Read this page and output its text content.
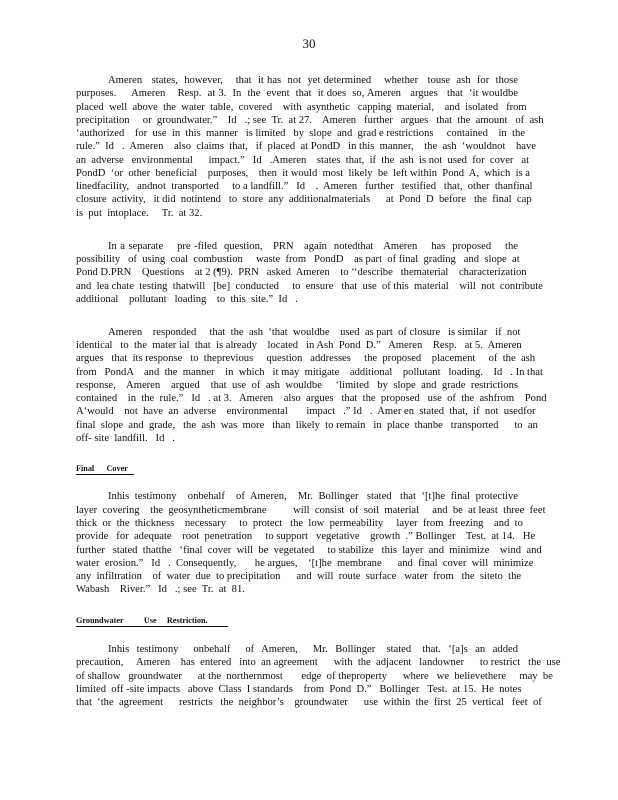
30
Ameren   states,  however,    that  it has  not  yet determined    whether   touse  ash  for  those
purposes.     Ameren    Resp.  at 3.  In  the  event  that  it does  so, Ameren   argues   that  ‘it wouldbe
placed  well  above  the  water  table,  covered    with  asynthetic   capping  material,    and  isolated   from
precipitation     or  groundwater.”    Id   .; see  Tr.  at 27.    Ameren   further   argues   that  the  amount   of  ash
‘authorized    for  use  in  this  manner   is limited   by  slope  and  grad e restrictions     contained    in  the
rule.”  Id   .  Ameren    also  claims  that,   if  placed  at PondD   in this  manner,    the  ash  ‘wouldnot    have
an  adverse   environmental      impact.”   Id   .Ameren    states  that,  if  the  ash  is not  used  for  cover   at
PondD  ‘or  other  beneficial    purposes,    then  it would  most  likely  be  left within  Pond  A,  which  is a
linedfacility,   andnot  transported     to a landfill.”   Id    .  Ameren   further   testified   that,  other  thanfinal
closure  activity,   it did  notintend   to  store  any  additionalmaterials      at  Pond  D  before   the  final  cap
is  put  intoplace.     Tr.  at 32.
In a separate    pre -filed  question,   PRN   again  notedthat   Ameren    has  proposed    the
possibility   of  using  coal  combustion     waste  from   PondD    as part  of final  grading   and  slope  at
Pond D.PRN    Questions    at 2 (¶9).  PRN   asked  Ameren    to ‘‘describe   thematerial    characterization
and  lea chate  testing  thatwill   [be]  conducted     to  ensure   that  use  of this  material    will  not  contribute
additional    pollutant   loading    to  this  site.”  Id   .
Ameren    responded     that  the  ash  ‘that  wouldbe    used  as part  of closure   is similar   if  not
identical   to  the  mater ial  that  is already    located   in Ash  Pond  D.”   Ameren    Resp.   at 5.  Ameren
argues   that  its response   to  theprevious     question   addresses     the  proposed    placement     of  the  ash
from   PondA    and  the  manner    in  which   it may  mitigate    additional    pollutant   loading.    Id   . In that
response,    Ameren    argued    that  use  of  ash  wouldbe     ‘limited   by  slope  and  grade  restrictions
contained    in  the  rule.”   Id   . at 3.   Ameren    also  argues   that  the  proposed   use  of  the  ashfrom    Pond
A‘would    not  have  an  adverse    environmental       impact   .” Id   .  Amer en  stated  that,  if  not  usedfor
final  slope  and  grade,   the  ash  was  more   than  likely  to remain   in  place  thanbe   transported      to  an
off- site  landfill.   Id   .
Final      Cover
Inhis  testimony    onbehalf    of  Ameren,    Mr.  Bollinger   stated   that  ‘[t]he  final  protective
layer  covering    the  geosyntheticmembrane          will  consist  of  soil  material     and  be  at least  three  feet
thick  or  the  thickness    necessary     to  protect   the  low  permeability     layer  from  freezing    and  to
provide   for  adequate    root  penetration     to support   vegetative    growth  .” Bollinger    Test.  at 14.   He
further   stated  thatthe   ‘final  cover  will  be  vegetated     to stabilize   this  layer  and  minimize    wind  and
water  erosion.”   Id   .  Consequently,       he argues,    ‘[t]he  membrane      and  final  cover  will  minimize
any  infiltration    of  water  due  to precipitation      and  will  route  surface   water  from   the  siteto  the
Wabash    River.”   Id   .; see  Tr.  at  81.
Groundwater          Use     Restriction.
Inhis  testimony    onbehalf    of  Ameren,    Mr.  Bollinger   stated   that.  ‘[a]s  an  added
precaution,     Ameren    has  entered   into  an agreement      with  the  adjacent   landowner      to restrict   the  use
of shallow   groundwater      at the  northernmost       edge  of theproperty      where   we  believethere     may  be
limited  off -site impacts   above  Class  I standards    from  Pond  D.”   Bollinger   Test.  at 15.  He  notes
that  ‘the  agreement      restricts   the  neighbor’s    groundwater      use  within  the  first  25  vertical   feet  of
